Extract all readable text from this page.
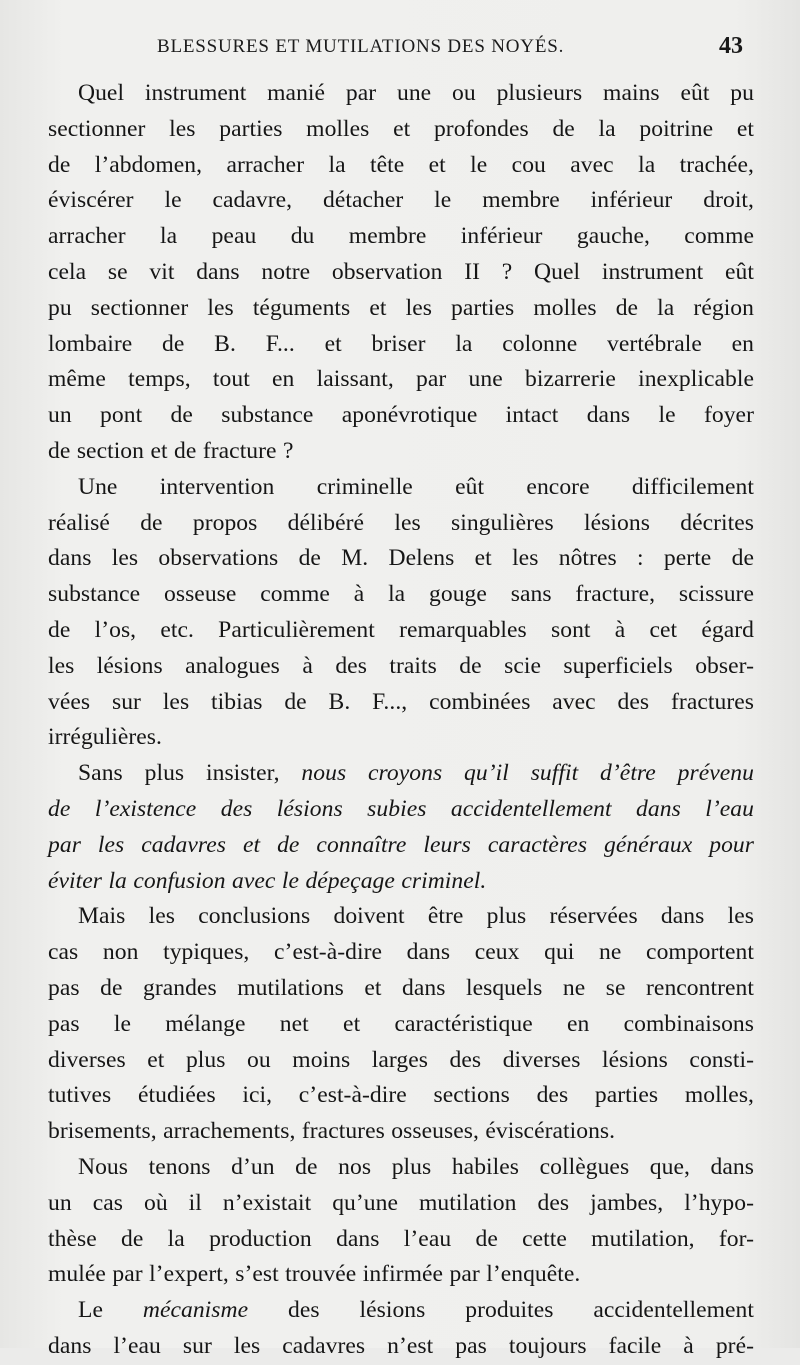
BLESSURES ET MUTILATIONS DES NOYÉS.	43
Quel instrument manié par une ou plusieurs mains eût pu
sectionner les parties molles et profondes de la poitrine et
de l’abdomen, arracher la tête et le cou avec la trachée,
éviscérer le cadavre, détacher le membre inférieur droit,
arracher la peau du membre inférieur gauche, comme
cela se vit dans notre observation II ? Quel instrument eût
pu sectionner les téguments et les parties molles de la région
lombaire de B. F... et briser la colonne vertébrale en
même temps, tout en laissant, par une bizarrerie inexplicable
un pont de substance aponévrotique intact dans le foyer
de section et de fracture ?
Une intervention criminelle eût encore difficilement
réalisé de propos délibéré les singulières lésions décrites
dans les observations de M. Delens et les nôtres : perte de
substance osseuse comme à la gouge sans fracture, scissure
de l’os, etc. Particulièrement remarquables sont à cet égard
les lésions analogues à des traits de scie superficiels obser-
vées sur les tibias de B. F..., combinées avec des fractures
irrégulières.
Sans plus insister, nous croyons qu’il suffit d’être prévenu
de l’existence des lésions subies accidentellement dans l’eau
par les cadavres et de connaître leurs caractères généraux pour
éviter la confusion avec le dépeçage criminel.
Mais les conclusions doivent être plus réservées dans les
cas non typiques, c’est-à-dire dans ceux qui ne comportent
pas de grandes mutilations et dans lesquels ne se rencontrent
pas le mélange net et caractéristique en combinaisons
diverses et plus ou moins larges des diverses lésions consti-
tutives étudiées ici, c’est-à-dire sections des parties molles,
brisements, arrachements, fractures osseuses, éviscérations.
Nous tenons d’un de nos plus habiles collègues que, dans
un cas où il n’existait qu’une mutilation des jambes, l’hypo-
thèse de la production dans l’eau de cette mutilation, for-
mulée par l’expert, s’est trouvée infirmée par l’enquête.
Le mécanisme des lésions produites accidentellement
dans l’eau sur les cadavres n’est pas toujours facile à pré-
